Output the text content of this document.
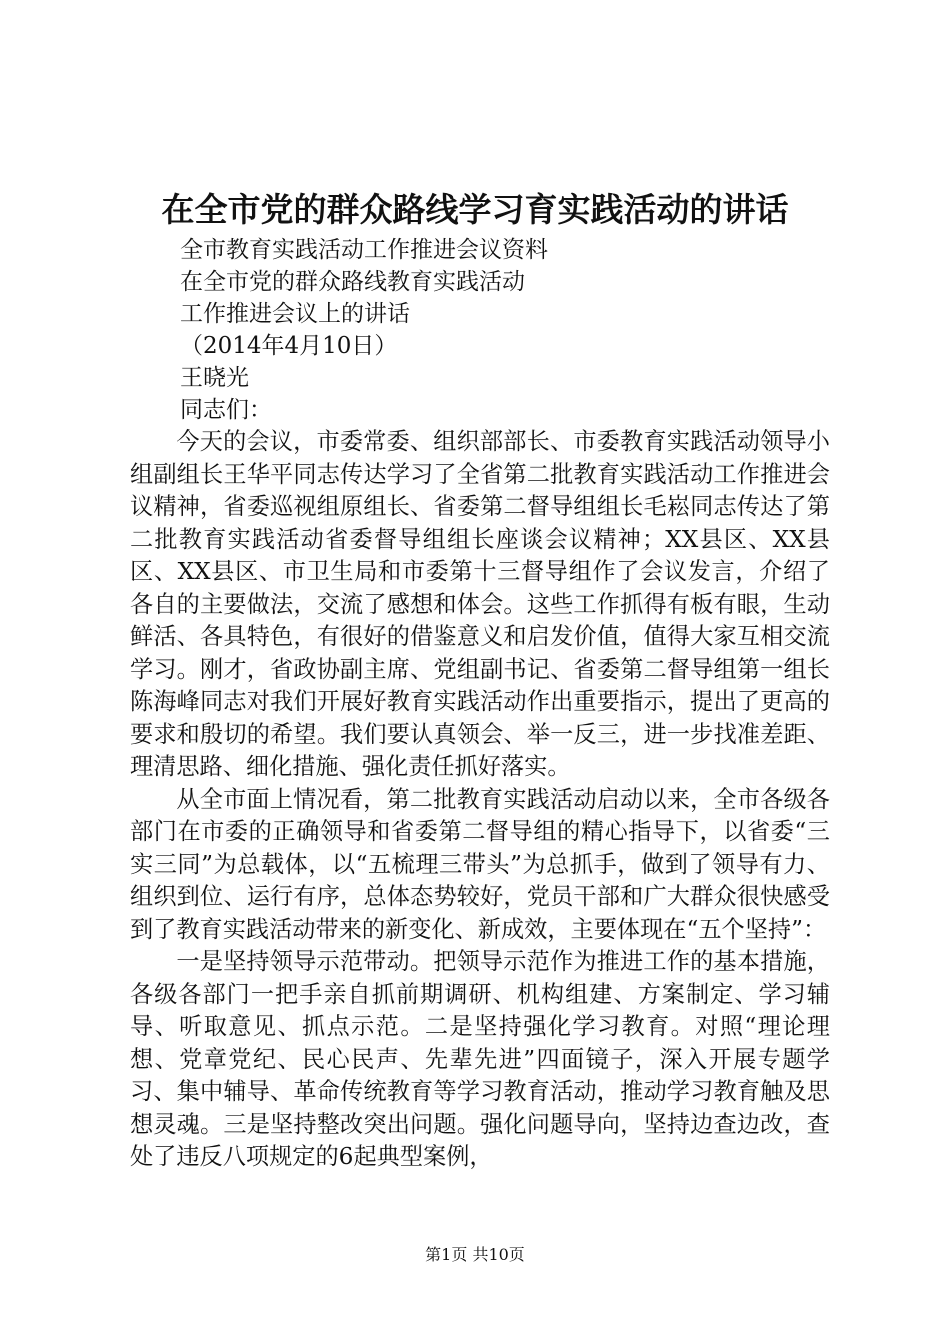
在全市党的群众路线学习育实践活动的讲话
全市教育实践活动工作推进会议资料
在全市党的群众路线教育实践活动
工作推进会议上的讲话
（2014年4月10日）
王晓光
同志们：

今天的会议，市委常委、组织部部长、市委教育实践活动领导小组副组长王华平同志传达学习了全省第二批教育实践活动工作推进会议精神，省委巡视组原组长、省委第二督导组组长毛崧同志传达了第二批教育实践活动省委督导组组长座谈会议精神；XX县区、XX县区、XX县区、市卫生局和市委第十三督导组作了会议发言，介绍了各自的主要做法，交流了感想和体会。这些工作抓得有板有眼，生动鲜活、各具特色，有很好的借鉴意义和启发价值，值得大家互相交流学习。刚才，省政协副主席、党组副书记、省委第二督导组第一组长陈海峰同志对我们开展好教育实践活动作出重要指示，提出了更高的要求和殷切的希望。我们要认真领会、举一反三，进一步找准差距、理清思路、细化措施、强化责任抓好落实。

从全市面上情况看，第二批教育实践活动启动以来，全市各级各部门在市委的正确领导和省委第二督导组的精心指导下，以省委“三实三同”为总载体，以“五梳理三带头”为总抓手，做到了领导有力、组织到位、运行有序，总体态势较好，党员干部和广大群众很快感受到了教育实践活动带来的新变化、新成效，主要体现在“五个坚持”：

一是坚持领导示范带动。把领导示范作为推进工作的基本措施，各级各部门一把手亲自抓前期调研、机构组建、方案制定、学习辅导、听取意见、抓点示范。二是坚持强化学习教育。对照“理论理想、党章党纪、民心民声、先辈先进”四面镜子，深入开展专题学习、集中辅导、革命传统教育等学习教育活动，推动学习教育触及思想灵魂。三是坚持整改突出问题。强化问题导向，坚持边查边改，查处了违反八项规定的6起典型案例，

第1页 共10页
